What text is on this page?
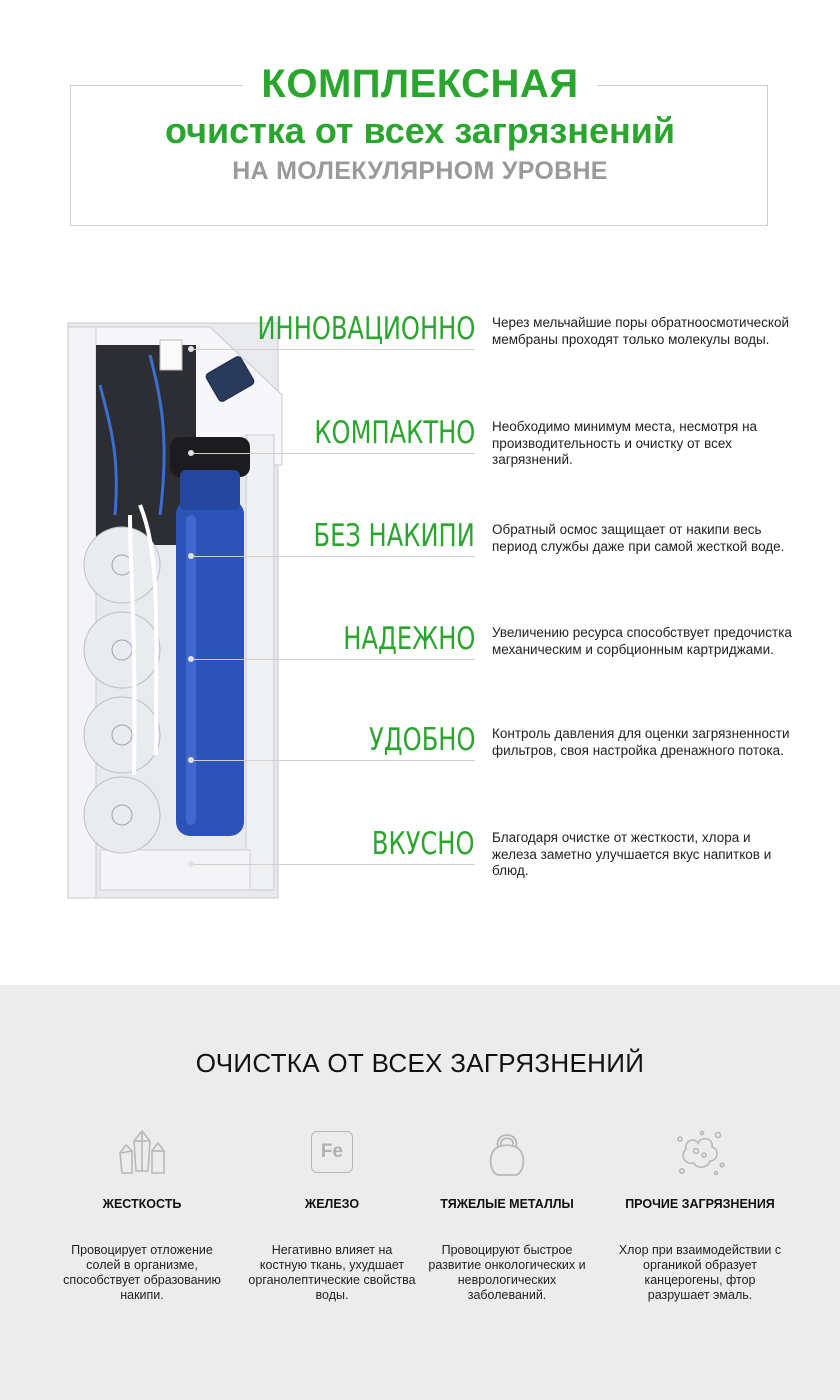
КОМПЛЕКСНАЯ
очистка от всех загрязнений
НА МОЛЕКУЛЯРНОМ УРОВНЕ
ИННОВАЦИОННО Через мельчайшие поры обратноосмотической мембраны проходят только молекулы воды.
КОМПАКТНО Необходимо минимум места, несмотря на производительность и очистку от всех загрязнений.
БЕЗ НАКИПИ Обратный осмос защищает от накипи весь период службы даже при самой жесткой воде.
НАДЕЖНО Увеличению ресурса способствует предочистка механическим и сорбционным картриджами.
УДОБНО Контроль давления для оценки загрязненности фильтров, своя настройка дренажного потока.
ВКУСНО Благодаря очистке от жесткости, хлора и железа заметно улучшается вкус напитков и блюд.
ОЧИСТКА ОТ ВСЕХ ЗАГРЯЗНЕНИЙ
ЖЕСТКОСТЬ
Провоцирует отложение солей в организме, способствует образованию накипи.
Fe
ЖЕЛЕЗО
Негативно влияет на костную ткань, ухудшает органолептические свойства воды.
ТЯЖЕЛЫЕ МЕТАЛЛЫ
Провоцируют быстрое развитие онкологических и неврологических заболеваний.
ПРОЧИЕ ЗАГРЯЗНЕНИЯ
Хлор при взаимодействии с органикой образует канцерогены, фтор разрушает эмаль.
